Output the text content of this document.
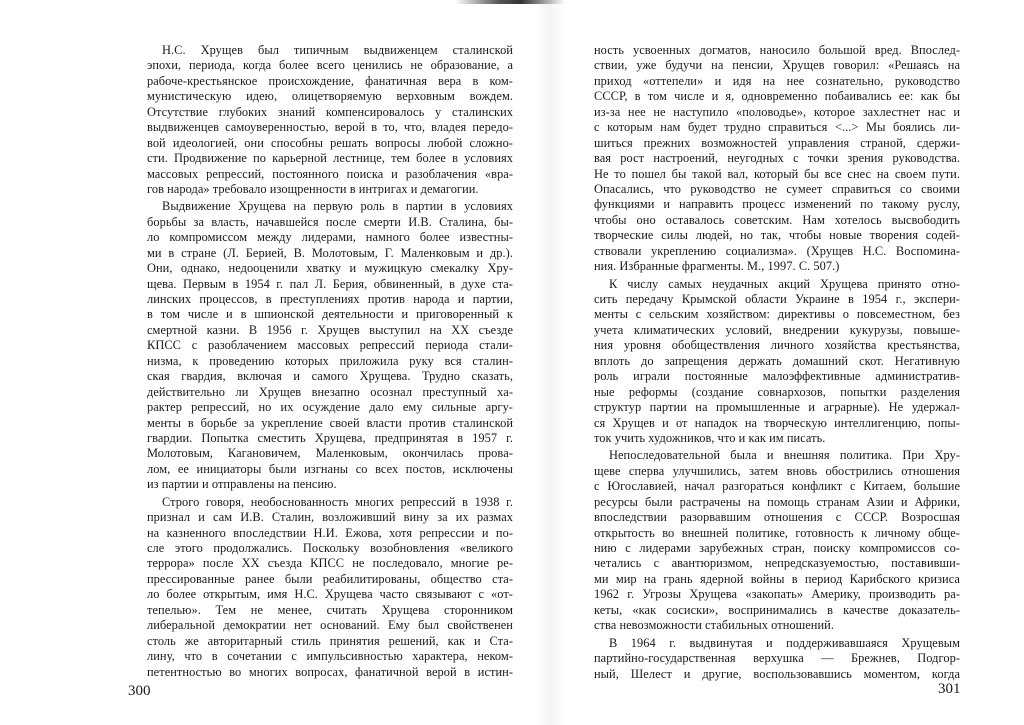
Н.С. Хрущев был типичным выдвиженцем сталинской
эпохи, периода, когда более всего ценились не образование, а
рабоче-крестьянское происхождение, фанатичная вера в ком-
мунистическую идею, олицетворяемую верховным вождем.
Отсутствие глубоких знаний компенсировалось у сталинских
выдвиженцев самоуверенностью, верой в то, что, владея передо-
вой идеологией, они способны решать вопросы любой сложно-
сти. Продвижение по карьерной лестнице, тем более в условиях
массовых репрессий, постоянного поиска и разоблачения «вра-
гов народа» требовало изощренности в интригах и демагогии.
Выдвижение Хрущева на первую роль в партии в условиях
борьбы за власть, начавшейся после смерти И.В. Сталина, бы-
ло компромиссом между лидерами, намного более известны-
ми в стране (Л. Берией, В. Молотовым, Г. Маленковым и др.).
Они, однако, недооценили хватку и мужицкую смекалку Хру-
щева. Первым в 1954 г. пал Л. Берия, обвиненный, в духе ста-
линских процессов, в преступлениях против народа и партии,
в том числе и в шпионской деятельности и приговоренный к
смертной казни. В 1956 г. Хрущев выступил на XX съезде
КПСС с разоблачением массовых репрессий периода стали-
низма, к проведению которых приложила руку вся сталин-
ская гвардия, включая и самого Хрущева. Трудно сказать,
действительно ли Хрущев внезапно осознал преступный ха-
рактер репрессий, но их осуждение дало ему сильные аргу-
менты в борьбе за укрепление своей власти против сталинской
гвардии. Попытка сместить Хрущева, предпринятая в 1957 г.
Молотовым, Кагановичем, Маленковым, окончилась провa-
лом, ее инициаторы были изгнаны со всех постов, исключены
из партии и отправлены на пенсию.
Строго говоря, необоснованность многих репрессий в 1938 г.
признал и сам И.В. Сталин, возложивший вину за их размах
на казненного впоследствии Н.И. Ежова, хотя репрессии и по-
сле этого продолжались. Поскольку возобновления «великого
террора» после XX съезда КПСС не последовало, многие ре-
прессированные ранее были реабилитированы, общество ста-
ло более открытым, имя Н.С. Хрущева часто связывают с «от-
тепелью». Тем не менее, считать Хрущева сторонником
либеральной демократии нет оснований. Ему был свойственен
столь же авторитарный стиль принятия решений, как и Ста-
лину, что в сочетании с импульсивностью характера, неком-
петентностью во многих вопросах, фанатичной верой в истин-
ность усвоенных догматов, наносило большой вред. Впослед-
ствии, уже будучи на пенсии, Хрущев говорил: «Решаясь на
приход «оттепели» и идя на нее сознательно, руководство
СССР, в том числе и я, одновременно побаивались ее: как бы
из-за нее не наступило «половодье», которое захлестнет нас и
с которым нам будет трудно справиться <...> Мы боялись ли-
шиться прежних возможностей управления страной, сдержи-
вая рост настроений, неугодных с точки зрения руководства.
Не то пошел бы такой вал, который бы все снес на своем пути.
Опасались, что руководство не сумеет справиться со своими
функциями и направить процесс изменений по такому руслу,
чтобы оно оставалось советским. Нам хотелось высвободить
творческие силы людей, но так, чтобы новые творения содей-
ствовали укреплению социализма». (Хрущев Н.С. Воспомина-
ния. Избранные фрагменты. М., 1997. С. 507.)
К числу самых неудачных акций Хрущева принято отно-
сить передачу Крымской области Украине в 1954 г., экспери-
менты с сельским хозяйством: директивы о повсеместном, без
учета климатических условий, внедрении кукурузы, повыше-
ния уровня обобществления личного хозяйства крестьянства,
вплоть до запрещения держать домашний скот. Негативную
роль играли постоянные малоэффективные административ-
ные реформы (создание совнархозов, попытки разделения
структур партии на промышленные и аграрные). Не удержал-
ся Хрущев и от нападок на творческую интеллигенцию, попы-
ток учить художников, что и как им писать.
Непоследовательной была и внешняя политика. При Хру-
щеве сперва улучшились, затем вновь обострились отношения
с Югославией, начал разгораться конфликт с Китаем, большие
ресурсы были растрачены на помощь странам Азии и Африки,
впоследствии разорвавшим отношения с СССР. Возросшая
открытость во внешней политике, готовность к личному обще-
нию с лидерами зарубежных стран, поиску компромиссов со-
четались с авантюризмом, непредсказуемостью, поставивши-
ми мир на грань ядерной войны в период Карибского кризиса
1962 г. Угрозы Хрущева «закопать» Америку, производить ра-
кеты, «как сосиски», воспринимались в качестве доказатель-
ства невозможности стабильных отношений.
В 1964 г. выдвинутая и поддерживавшаяся Хрущевым
партийно-государственная верхушка — Брежнев, Подгор-
ный, Шелест и другие, воспользовавшись моментом, когда
300	301
